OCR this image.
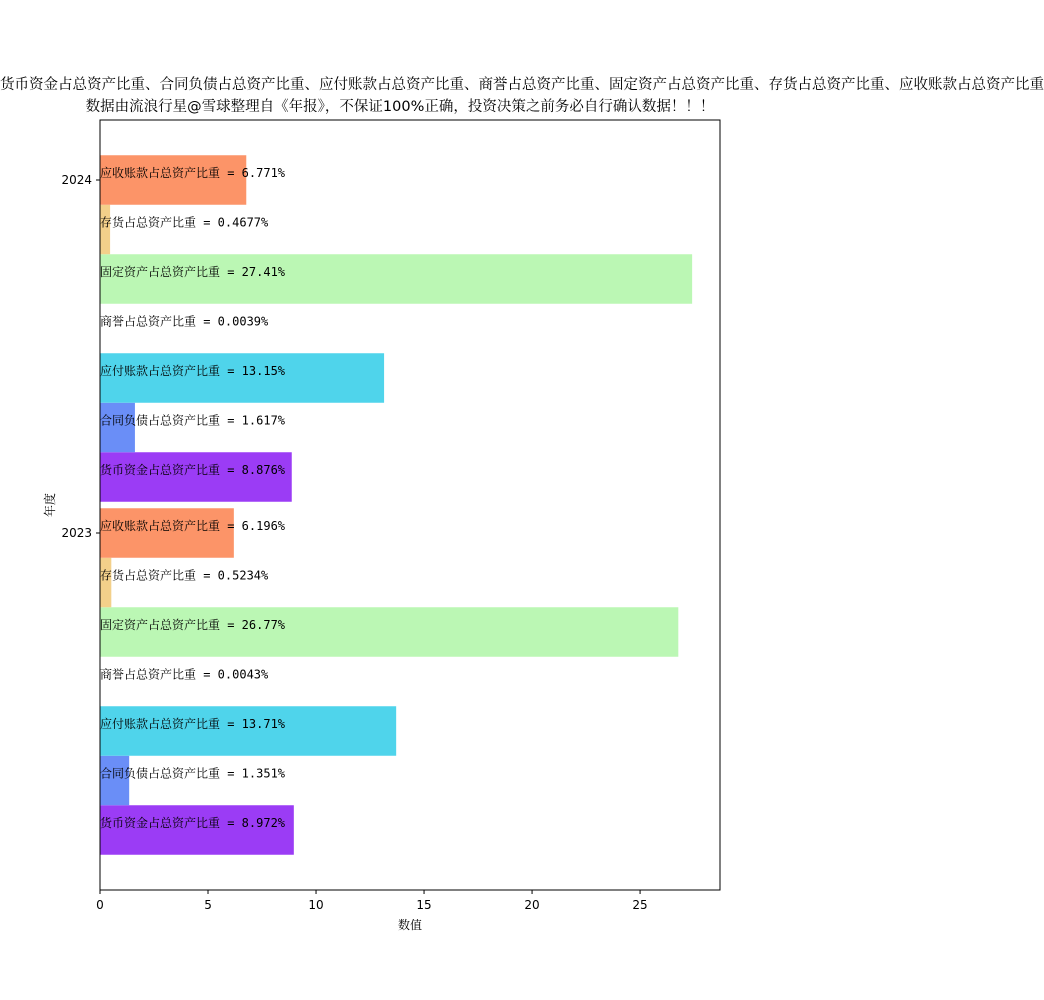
货币资金占总资产比重、合同负债占总资产比重、应付账款占总资产比重、商誉占总资产比重、固定资产占总资产比重、存货占总资产比重、应收账款占总资产比重
数据由流浪行星@雪球整理自《年报》，不保证100%正确，投资决策之前务必自行确认数据！！！
货币资金占总资产比重 = 8.972%
合同负债占总资产比重 = 1.351%
应付账款占总资产比重 = 13.71%
商誉占总资产比重 = 0.0043%
固定资产占总资产比重 = 26.77%
存货占总资产比重 = 0.5234%
应收账款占总资产比重 = 6.196%
货币资金占总资产比重 = 8.876%
合同负债占总资产比重 = 1.617%
应付账款占总资产比重 = 13.15%
商誉占总资产比重 = 0.0039%
固定资产占总资产比重 = 27.41%
存货占总资产比重 = 0.4677%
应收账款占总资产比重 = 6.771%
0	5	10	15	20	25
2023
2024
数值
年度
